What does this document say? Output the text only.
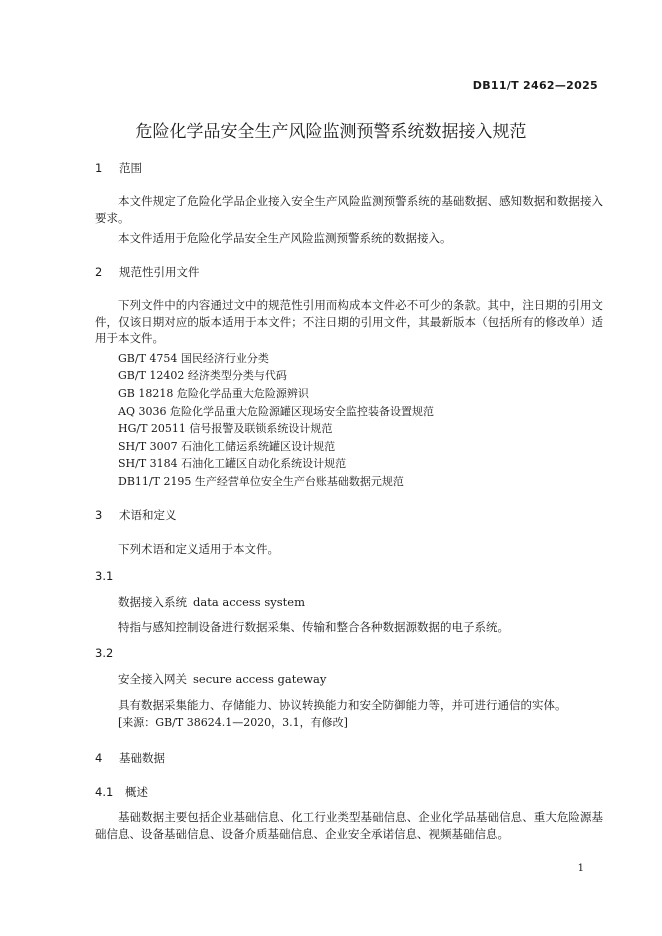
DB11/T 2462—2025
危险化学品安全生产风险监测预警系统数据接入规范
1 范围
本文件规定了危险化学品企业接入安全生产风险监测预警系统的基础数据、感知数据和数据接入要求。
本文件适用于危险化学品安全生产风险监测预警系统的数据接入。
2 规范性引用文件
下列文件中的内容通过文中的规范性引用而构成本文件必不可少的条款。其中，注日期的引用文件，仅该日期对应的版本适用于本文件；不注日期的引用文件，其最新版本（包括所有的修改单）适用于本文件。
GB/T 4754 国民经济行业分类
GB/T 12402 经济类型分类与代码
GB 18218 危险化学品重大危险源辨识
AQ 3036 危险化学品重大危险源罐区现场安全监控装备设置规范
HG/T 20511 信号报警及联锁系统设计规范
SH/T 3007 石油化工储运系统罐区设计规范
SH/T 3184 石油化工罐区自动化系统设计规范
DB11/T 2195 生产经营单位安全生产台账基础数据元规范
3 术语和定义
下列术语和定义适用于本文件。
3.1
数据接入系统 data access system
特指与感知控制设备进行数据采集、传输和整合各种数据源数据的电子系统。
3.2
安全接入网关 secure access gateway
具有数据采集能力、存储能力、协议转换能力和安全防御能力等，并可进行通信的实体。
[来源：GB/T 38624.1—2020，3.1，有修改]
4 基础数据
4.1 概述
基础数据主要包括企业基础信息、化工行业类型基础信息、企业化学品基础信息、重大危险源基础信息、设备基础信息、设备介质基础信息、企业安全承诺信息、视频基础信息。
1
